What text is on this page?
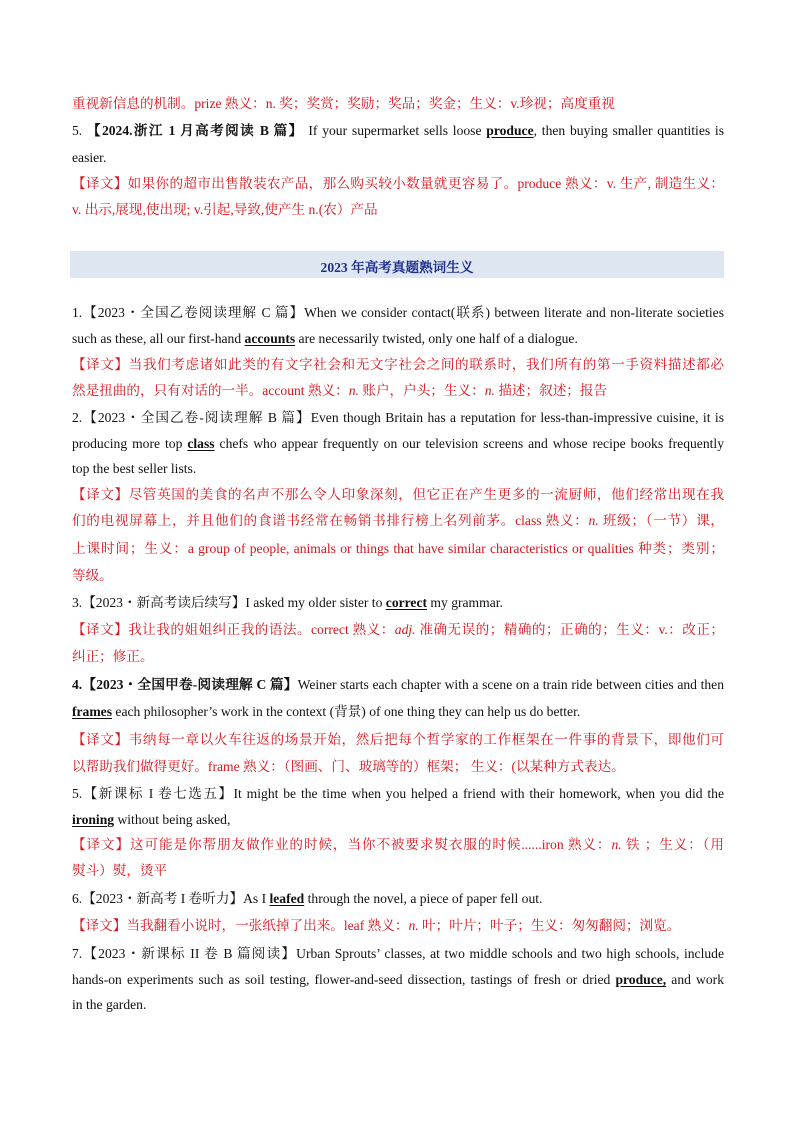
重视新信息的机制。prize 熟义：n. 奖；奖赏；奖励；奖品；奖金；生义：v.珍视；高度重视
5. 【2024.浙江 1 月高考阅读 B 篇】 If your supermarket sells loose produce, then buying smaller quantities is
easier.
【译文】如果你的超市出售散装农产品，那么购买较小数量就更容易了。produce 熟义：v. 生产, 制造生义：
v. 出示,展现,使出现; v.引起,导致,使产生 n.(农）产品
2023 年高考真题熟词生义
1.【2023・全国乙卷阅读理解 C 篇】When we consider contact(联系) between literate and non-literate societies
such as these, all our first-hand accounts are necessarily twisted, only one half of a dialogue.
【译文】当我们考虑诸如此类的有文字社会和无文字社会之间的联系时，我们所有的第一手资料描述都必
然是扭曲的，只有对话的一半。account 熟义：n. 账户，户头；生义：n. 描述；叙述；报告
2.【2023・全国乙卷-阅读理解 B 篇】Even though Britain has a reputation for less-than-impressive cuisine, it is
producing more top class chefs who appear frequently on our television screens and whose recipe books frequently
top the best seller lists.
【译文】尽管英国的美食的名声不那么令人印象深刻，但它正在产生更多的一流厨师，他们经常出现在我
们的电视屏幕上，并且他们的食谱书经常在畅销书排行榜上名列前茅。class 熟义：n. 班级；（一节）课，
上课时间；生义：a group of people, animals or things that have similar characteristics or qualities 种类；类别；
等级。
3.【2023・新高考读后续写】I asked my older sister to correct my grammar.
【译文】我让我的姐姐纠正我的语法。correct 熟义：adj. 准确无误的；精确的；正确的；生义：v.：改正；
纠正；修正。
4.【2023・全国甲卷-阅读理解 C 篇】Weiner starts each chapter with a scene on a train ride between cities and then
frames each philosopher’s work in the context (背景) of one thing they can help us do better.
【译文】韦纳每一章以火车往返的场景开始，然后把每个哲学家的工作框架在一件事的背景下，即他们可
以帮助我们做得更好。frame 熟义：（图画、门、玻璃等的）框架； 生义：(以某种方式表达。
5.【新课标 I 卷七选五】It might be the time when you helped a friend with their homework, when you did the
ironing without being asked,
【译文】这可能是你帮朋友做作业的时候，当你不被要求熨衣服的时候......iron 熟义：n. 铁 ；生义：（用
熨斗）熨，烫平
6.【2023・新高考 I 卷听力】As I leafed through the novel, a piece of paper fell out.
【译文】当我翻看小说时，一张纸掉了出来。leaf 熟义：n. 叶；叶片；叶子；生义：匆匆翻阅；浏览。
7.【2023・新课标 II 卷 B 篇阅读】Urban Sprouts’ classes, at two middle schools and two high schools, include
hands-on experiments such as soil testing, flower-and-seed dissection, tastings of fresh or dried produce, and work
in the garden.
